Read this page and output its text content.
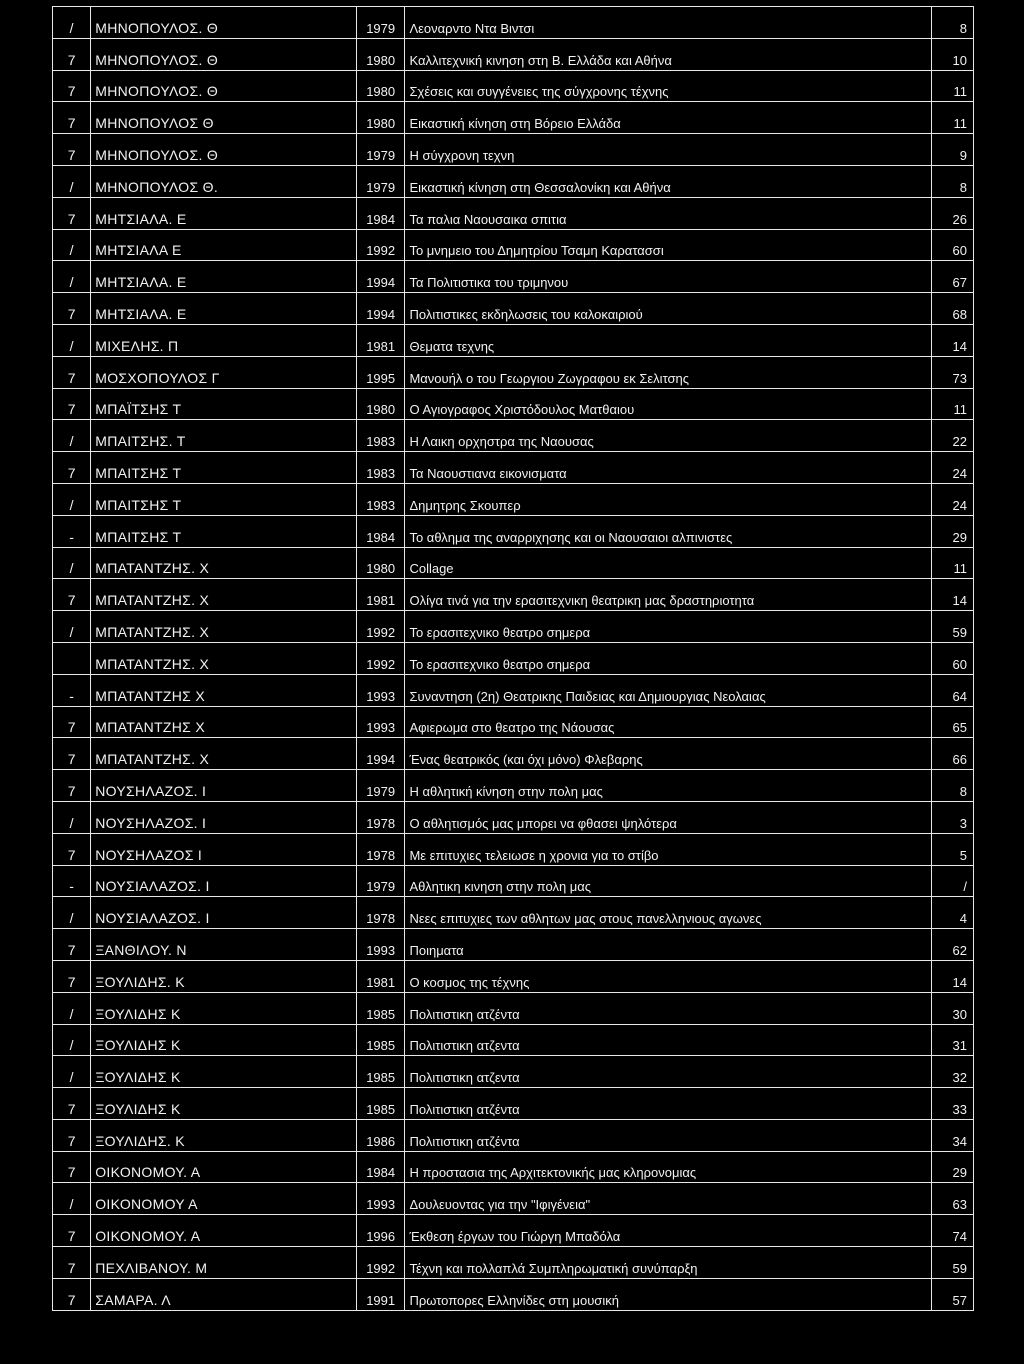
/	ΜΗΝΟΠΟΥΛΟΣ. Θ	1979	Λεοναρντο Ντα Βιντσι	8
7	ΜΗΝΟΠΟΥΛΟΣ. Θ	1980	Καλλιτεχνική κινηση στη Β. Ελλάδα και Αθήνα	10
7	ΜΗΝΟΠΟΥΛΟΣ. Θ	1980	Σχέσεις και συγγένειες της σύγχρονης τέχνης	11
7	ΜΗΝΟΠΟΥΛΟΣ Θ	1980	Εικαστική κίνηση στη Βόρειο Ελλάδα	11
7	ΜΗΝΟΠΟΥΛΟΣ. Θ	1979	Η σύγχρονη τεχνη	9
/	ΜΗΝΟΠΟΥΛΟΣ Θ.	1979	Εικαστική κίνηση στη Θεσσαλονίκη και Αθήνα	8
7	ΜΗΤΣΙΑΛΑ. Ε	1984	Τα παλια Ναουσαικα σπιτια	26
/	ΜΗΤΣΙΑΛΑ Ε	1992	Το μνημειο του Δημητρίου Τσαμη Καρατασσι	60
/	ΜΗΤΣΙΑΛΑ. Ε	1994	Τα Πολιτιστικα του τριμηνου	67
7	ΜΗΤΣΙΑΛΑ. Ε	1994	Πολιτιστικες εκδηλωσεις του καλοκαιριού	68
/	ΜΙΧΕΛΗΣ. Π	1981	Θεματα τεχνης	14
7	ΜΟΣΧΟΠΟΥΛΟΣ Γ	1995	Μανουήλ ο του Γεωργιου Ζωγραφου εκ Σελιτσης	73
7	ΜΠΑΪΤΣΗΣ Τ	1980	Ο Αγιογραφος Χριστόδουλος Ματθαιου	11
/	ΜΠΑΙΤΣΗΣ. Τ	1983	Η Λαικη ορχηστρα της Ναουσας	22
7	ΜΠΑΙΤΣΗΣ Τ	1983	Τα Ναουστιανα εικονισματα	24
/	ΜΠΑΙΤΣΗΣ Τ	1983	Δημητρης Σκουπερ	24
-	ΜΠΑΙΤΣΗΣ Τ	1984	Το αθλημα της αναρριχησης και οι Ναουσαιοι αλπινιστες	29
/	ΜΠΑΤΑΝΤΖΗΣ. Χ	1980	Collage	11
7	ΜΠΑΤΑΝΤΖΗΣ. Χ	1981	Ολίγα τινά για την ερασιτεχνικη θεατρικη μας δραστηριοτητα	14
/	ΜΠΑΤΑΝΤΖΗΣ. Χ	1992	Το ερασιτεχνικο θεατρο σημερα	59
	ΜΠΑΤΑΝΤΖΗΣ. Χ	1992	Το ερασιτεχνικο θεατρο σημερα	60
-	ΜΠΑΤΑΝΤΖΗΣ Χ	1993	Συναντηση (2η) Θεατρικης Παιδειας και Δημιουργιας Νεολαιας	64
7	ΜΠΑΤΑΝΤΖΗΣ Χ	1993	Αφιερωμα στο θεατρο της Νάουσας	65
7	ΜΠΑΤΑΝΤΖΗΣ. Χ	1994	Ένας θεατρικός (και όχι μόνο) Φλεβαρης	66
7	ΝΟΥΣΗΛΑΖΟΣ. Ι	1979	Η αθλητική κίνηση στην πολη μας	8
/	ΝΟΥΣΗΛΑΖΟΣ. Ι	1978	Ο αθλητισμός μας μπορει να φθασει ψηλότερα	3
7	ΝΟΥΣΗΛΑΖΟΣ Ι	1978	Με επιτυχιες τελειωσε η χρονια για το στίβο	5
-	ΝΟΥΣΙΑΛΑΖΟΣ. Ι	1979	Αθλητικη κινηση στην πολη μας	/
/	ΝΟΥΣΙΑΛΑΖΟΣ. Ι	1978	Νεες επιτυχιες των αθλητων μας στους πανελληνιους αγωνες	4
7	ΞΑΝΘΙΛΟΥ. Ν	1993	Ποιηματα	62
7	ΞΟΥΛΙΔΗΣ. Κ	1981	Ο κοσμος της τέχνης	14
/	ΞΟΥΛΙΔΗΣ Κ	1985	Πολιτιστικη ατζέντα	30
/	ΞΟΥΛΙΔΗΣ Κ	1985	Πολιτιστικη ατζεντα	31
/	ΞΟΥΛΙΔΗΣ Κ	1985	Πολιτιστικη ατζεντα	32
7	ΞΟΥΛΙΔΗΣ Κ	1985	Πολιτιστικη ατζέντα	33
7	ΞΟΥΛΙΔΗΣ. Κ	1986	Πολιτιστικη ατζέντα	34
7	ΟΙΚΟΝΟΜΟΥ. Α	1984	Η προστασια της Αρχιτεκτονικής μας κληρονομιας	29
/	ΟΙΚΟΝΟΜΟΥ Α	1993	Δουλευοντας για την "Ιφιγένεια"	63
7	ΟΙΚΟΝΟΜΟΥ. Α	1996	Έκθεση έργων του Γιώργη Μπαδόλα	74
7	ΠΕΧΛΙΒΑΝΟΥ. Μ	1992	Τέχνη και πολλαπλά Συμπληρωματική συνύπαρξη	59
7	ΣΑΜΑΡΑ. Λ	1991	Πρωτοπορες Ελληνίδες στη μουσική	57
